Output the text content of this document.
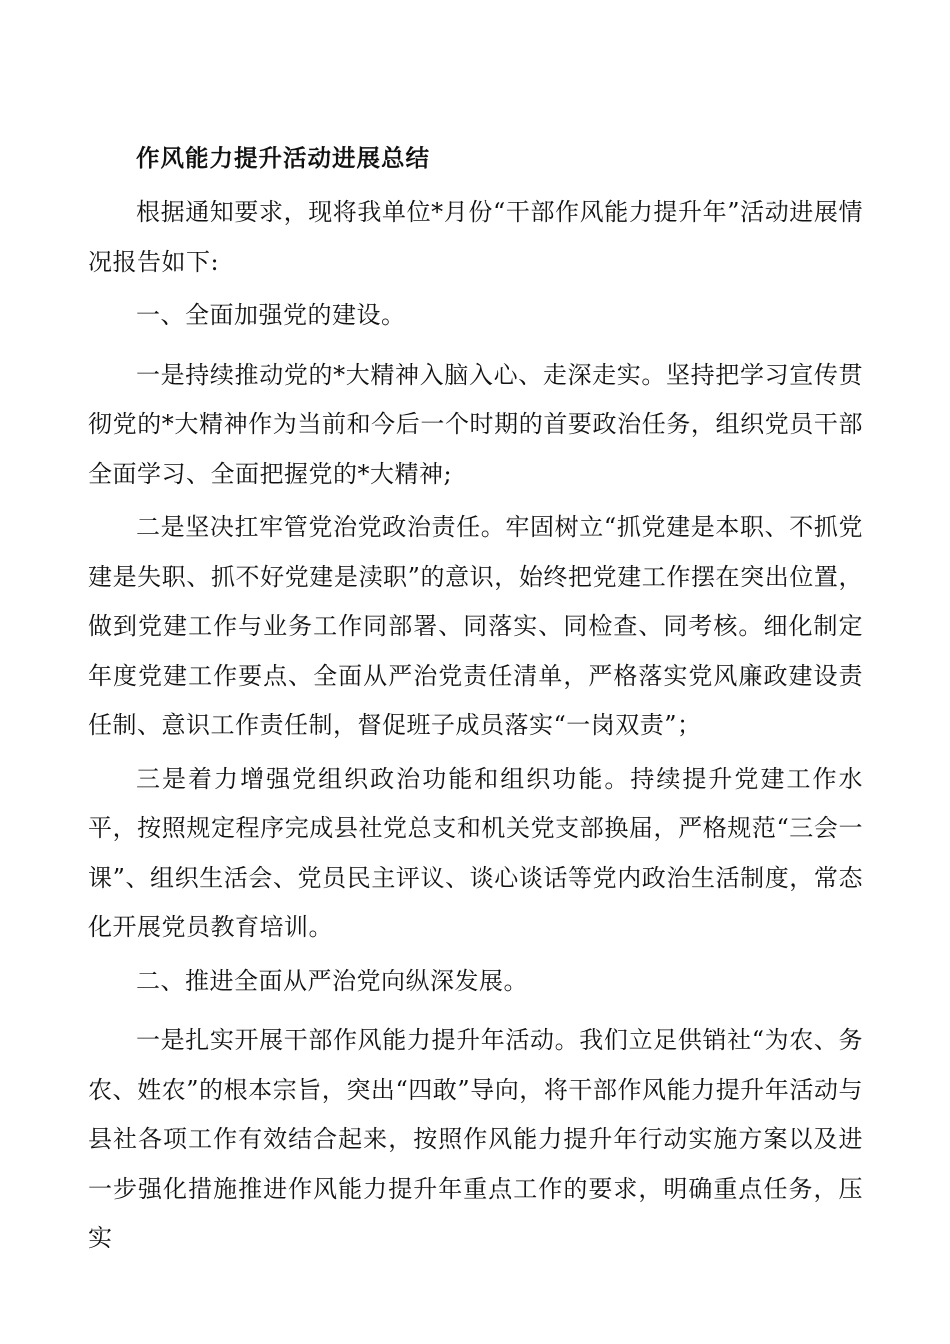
作风能力提升活动进展总结

根据通知要求，现将我单位*月份“干部作风能力提升年”活动进展情况报告如下:

一、全面加强党的建设。

一是持续推动党的*大精神入脑入心、走深走实。坚持把学习宣传贯彻党的*大精神作为当前和今后一个时期的首要政治任务，组织党员干部全面学习、全面把握党的*大精神;

二是坚决扛牢管党治党政治责任。牢固树立“抓党建是本职、不抓党建是失职、抓不好党建是渎职”的意识，始终把党建工作摆在突出位置，做到党建工作与业务工作同部署、同落实、同检查、同考核。细化制定年度党建工作要点、全面从严治党责任清单，严格落实党风廉政建设责任制、意识工作责任制，督促班子成员落实“一岗双责”；

三是着力增强党组织政治功能和组织功能。持续提升党建工作水平，按照规定程序完成县社党总支和机关党支部换届，严格规范“三会一课”、组织生活会、党员民主评议、谈心谈话等党内政治生活制度，常态化开展党员教育培训。

二、推进全面从严治党向纵深发展。

一是扎实开展干部作风能力提升年活动。我们立足供销社“为农、务农、姓农”的根本宗旨，突出“四敢”导向，将干部作风能力提升年活动与县社各项工作有效结合起来，按照作风能力提升年行动实施方案以及进一步强化措施推进作风能力提升年重点工作的要求，明确重点任务，压实
